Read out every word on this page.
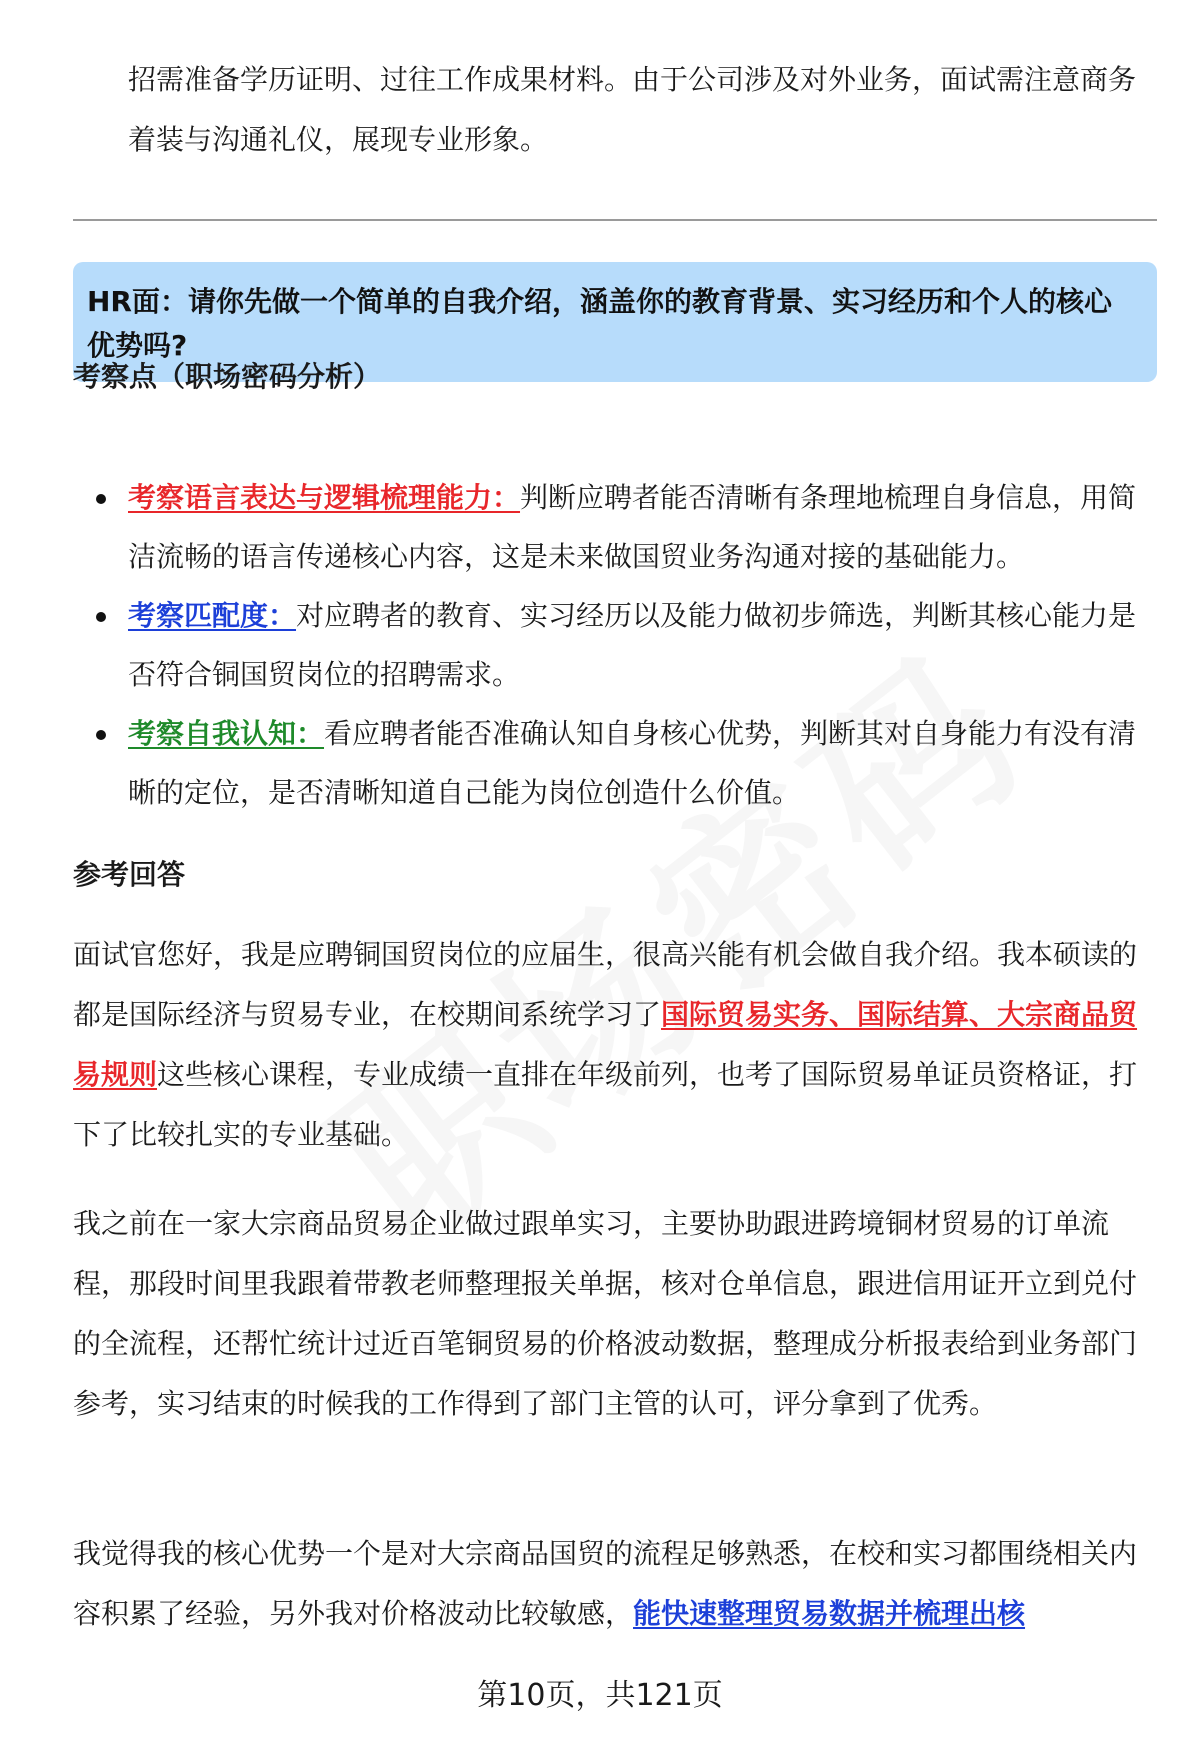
招需准备学历证明、过往工作成果材料。由于公司涉及对外业务，面试需注意商务着装与沟通礼仪，展现专业形象。

HR面：请你先做一个简单的自我介绍，涵盖你的教育背景、实习经历和个人的核心优势吗?

考察点（职场密码分析）

考察语言表达与逻辑梳理能力：判断应聘者能否清晰有条理地梳理自身信息，用简洁流畅的语言传递核心内容，这是未来做国贸业务沟通对接的基础能力。
考察匹配度：对应聘者的教育、实习经历以及能力做初步筛选，判断其核心能力是否符合铜国贸岗位的招聘需求。
考察自我认知：看应聘者能否准确认知自身核心优势，判断其对自身能力有没有清晰的定位，是否清晰知道自己能为岗位创造什么价值。

参考回答

面试官您好，我是应聘铜国贸岗位的应届生，很高兴能有机会做自我介绍。我本硕读的都是国际经济与贸易专业，在校期间系统学习了国际贸易实务、国际结算、大宗商品贸易规则这些核心课程，专业成绩一直排在年级前列，也考了国际贸易单证员资格证，打下了比较扎实的专业基础。

我之前在一家大宗商品贸易企业做过跟单实习，主要协助跟进跨境铜材贸易的订单流程，那段时间里我跟着带教老师整理报关单据，核对仓单信息，跟进信用证开立到兑付的全流程，还帮忙统计过近百笔铜贸易的价格波动数据，整理成分析报表给到业务部门参考，实习结束的时候我的工作得到了部门主管的认可，评分拿到了优秀。

我觉得我的核心优势一个是对大宗商品国贸的流程足够熟悉，在校和实习都围绕相关内容积累了经验，另外我对价格波动比较敏感，能快速整理贸易数据并梳理出核

第10页，共121页
